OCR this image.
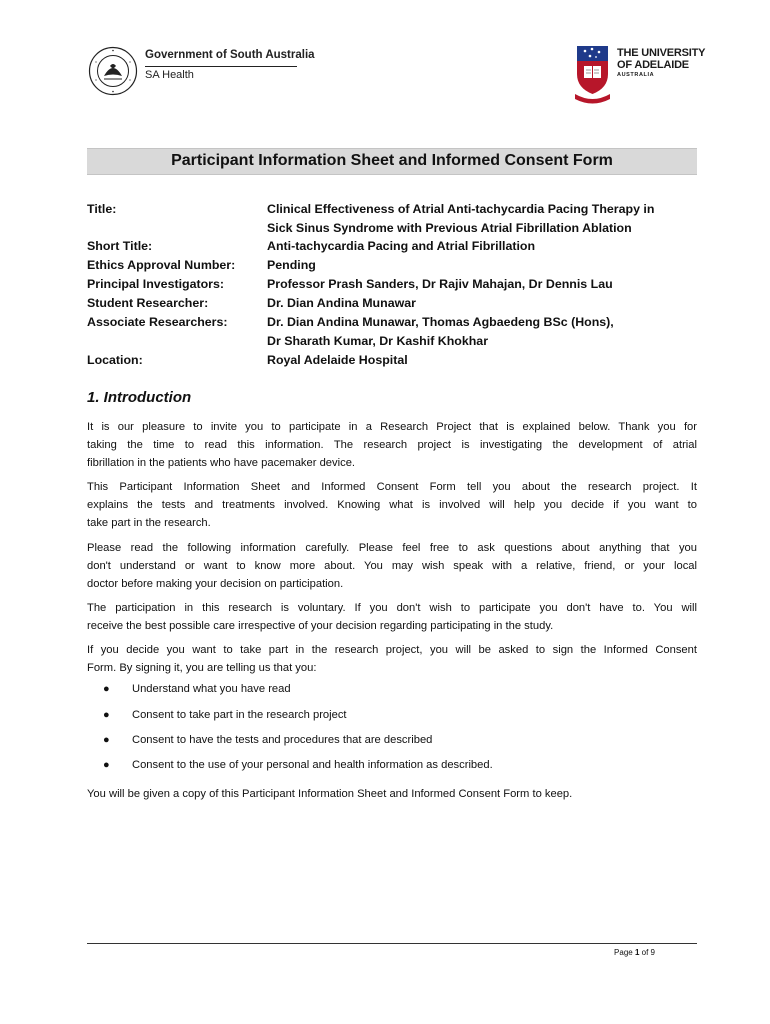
Government of South Australia
SA Health
THE UNIVERSITY
OF ADELAIDE
AUSTRALIA
Participant Information Sheet and Informed Consent Form
Title:	Clinical Effectiveness of Atrial Anti-tachycardia Pacing Therapy in
Sick Sinus Syndrome with Previous Atrial Fibrillation Ablation
Short Title:	Anti-tachycardia Pacing and Atrial Fibrillation
Ethics Approval Number:	Pending
Principal Investigators:	Professor Prash Sanders, Dr Rajiv Mahajan, Dr Dennis Lau
Student Researcher:	Dr. Dian Andina Munawar
Associate Researchers:	Dr. Dian Andina Munawar, Thomas Agbaedeng BSc (Hons),
Dr Sharath Kumar, Dr Kashif Khokhar
Location:	Royal Adelaide Hospital
1. Introduction
It is our pleasure to invite you to participate in a Research Project that is explained below. Thank you for
taking the time to read this information. The research project is investigating the development of atrial
fibrillation in the patients who have pacemaker device.
This Participant Information Sheet and Informed Consent Form tell you about the research project. It
explains the tests and treatments involved. Knowing what is involved will help you decide if you want to
take part in the research.
Please read the following information carefully. Please feel free to ask questions about anything that you
don't understand or want to know more about. You may wish speak with a relative, friend, or your local
doctor before making your decision on participation.
The participation in this research is voluntary. If you don't wish to participate you don't have to. You will
receive the best possible care irrespective of your decision regarding participating in the study.
If you decide you want to take part in the research project, you will be asked to sign the Informed Consent
Form. By signing it, you are telling us that you:
● Understand what you have read
● Consent to take part in the research project
● Consent to have the tests and procedures that are described
● Consent to the use of your personal and health information as described.
You will be given a copy of this Participant Information Sheet and Informed Consent Form to keep.
Page 1 of 9
